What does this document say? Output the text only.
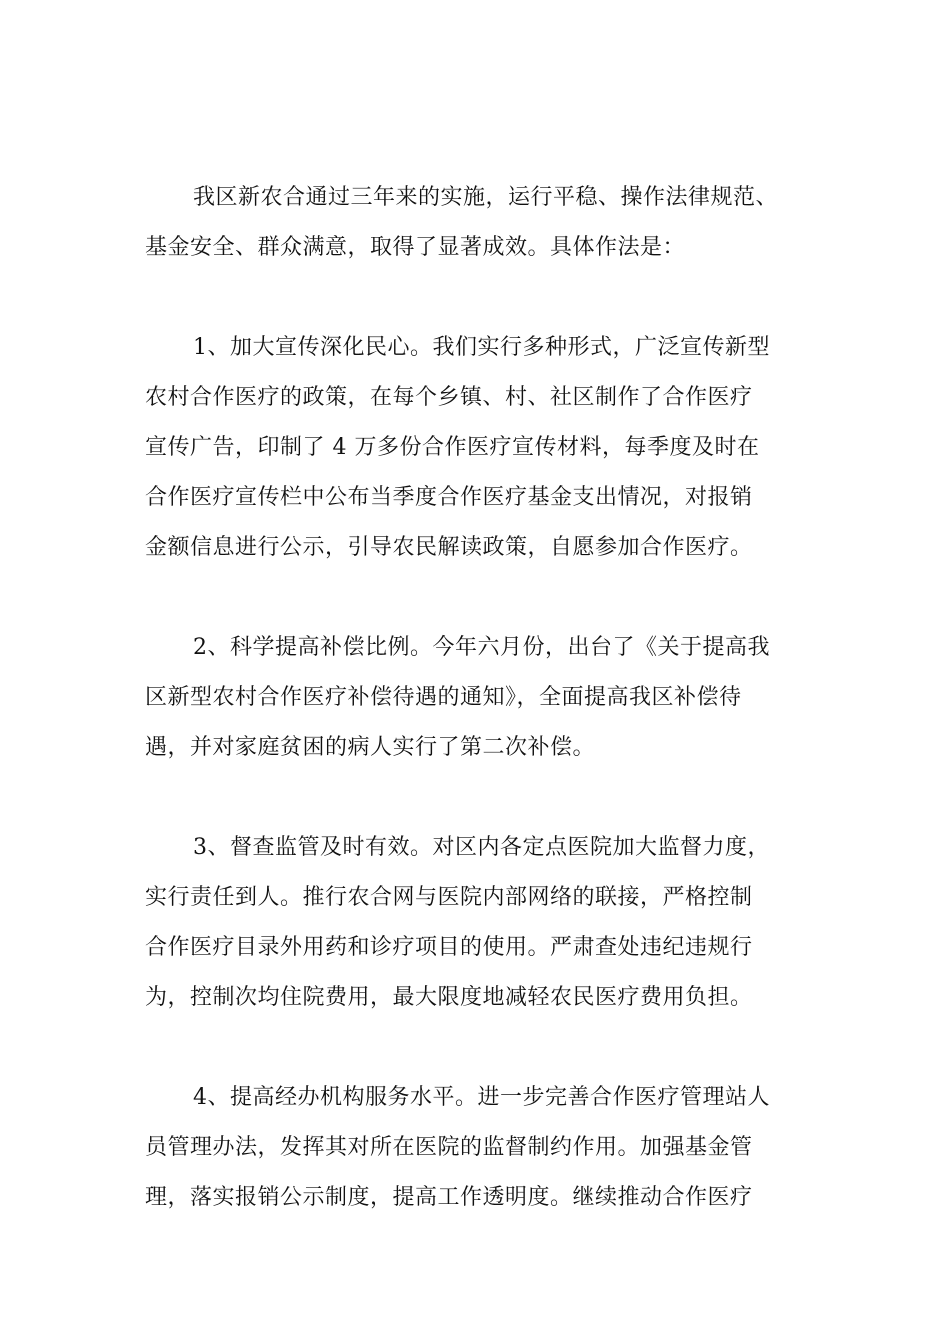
我区新农合通过三年来的实施，运行平稳、操作法律规范、
基金安全、群众满意，取得了显著成效。具体作法是：
1、加大宣传深化民心。我们实行多种形式，广泛宣传新型
农村合作医疗的政策，在每个乡镇、村、社区制作了合作医疗
宣传广告，印制了 4 万多份合作医疗宣传材料，每季度及时在
合作医疗宣传栏中公布当季度合作医疗基金支出情况，对报销
金额信息进行公示，引导农民解读政策，自愿参加合作医疗。
2、科学提高补偿比例。今年六月份，出台了《关于提高我
区新型农村合作医疗补偿待遇的通知》，全面提高我区补偿待
遇，并对家庭贫困的病人实行了第二次补偿。
3、督查监管及时有效。对区内各定点医院加大监督力度，
实行责任到人。推行农合网与医院内部网络的联接，严格控制
合作医疗目录外用药和诊疗项目的使用。严肃查处违纪违规行
为，控制次均住院费用，最大限度地减轻农民医疗费用负担。
4、提高经办机构服务水平。进一步完善合作医疗管理站人
员管理办法，发挥其对所在医院的监督制约作用。加强基金管
理，落实报销公示制度，提高工作透明度。继续推动合作医疗
